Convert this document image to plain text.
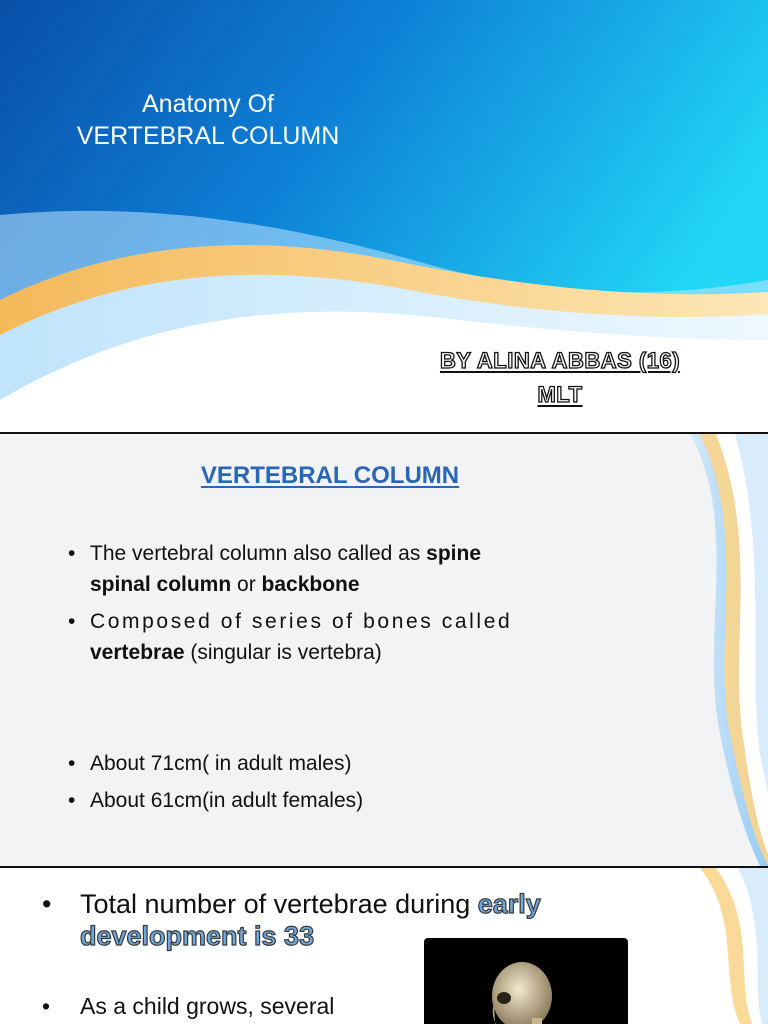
Anatomy Of
VERTEBRAL COLUMN
BY ALINA ABBAS (16)
MLT
VERTEBRAL COLUMN
• The vertebral column also called as spine
spinal column or backbone
• Composed of series of bones called
vertebrae (singular is vertebra)
• About 71cm( in adult males)
• About 61cm(in adult females)
• Total number of vertebrae during early
development is 33
• As a child grows, several
